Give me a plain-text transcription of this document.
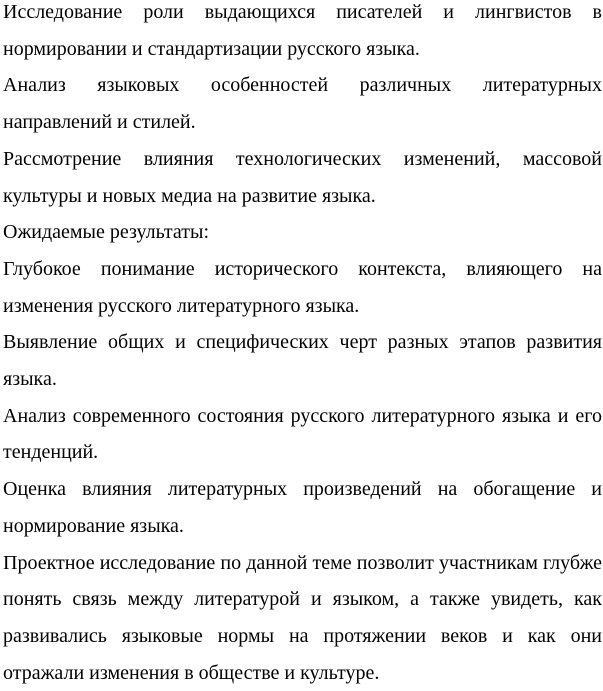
Исследование роли выдающихся писателей и лингвистов в нормировании и стандартизации русского языка.

Анализ языковых особенностей различных литературных направлений и стилей.

Рассмотрение влияния технологических изменений, массовой культуры и новых медиа на развитие языка.

Ожидаемые результаты:

Глубокое понимание исторического контекста, влияющего на изменения русского литературного языка.

Выявление общих и специфических черт разных этапов развития языка.

Анализ современного состояния русского литературного языка и его тенденций.

Оценка влияния литературных произведений на обогащение и нормирование языка.

Проектное исследование по данной теме позволит участникам глубже понять связь между литературой и языком, а также увидеть, как развивались языковые нормы на протяжении веков и как они отражали изменения в обществе и культуре.
